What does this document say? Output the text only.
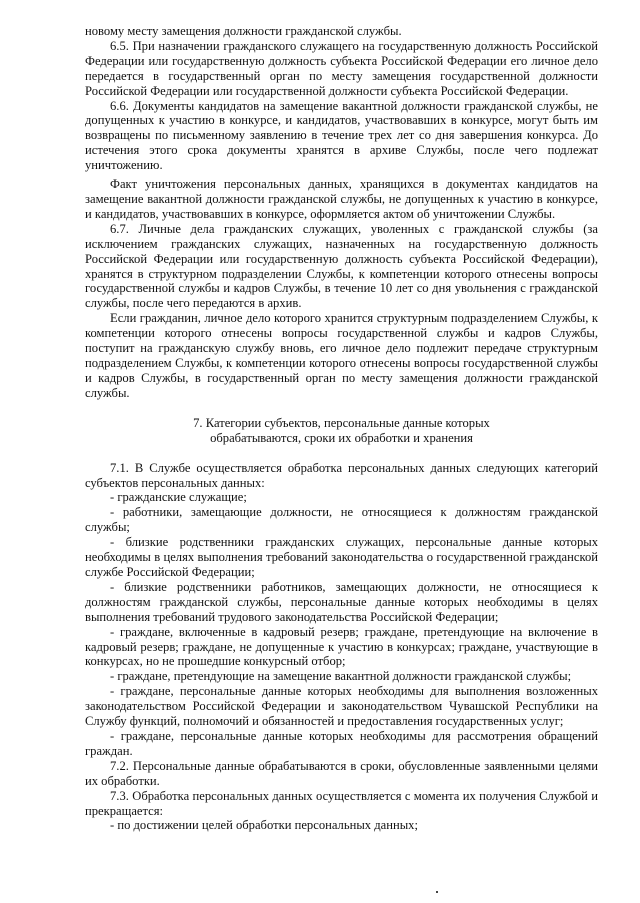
новому месту замещения должности гражданской службы.

6.5. При назначении гражданского служащего на государственную должность Российской Федерации или государственную должность субъекта Российской Федерации его личное дело передается в государственный орган по месту замещения государственной должности Российской Федерации или государственной должности субъекта Российской Федерации.

6.6. Документы кандидатов на замещение вакантной должности гражданской службы, не допущенных к участию в конкурсе, и кандидатов, участвовавших в конкурсе, могут быть им возвращены по письменному заявлению в течение трех лет со дня завершения конкурса. До истечения этого срока документы хранятся в архиве Службы, после чего подлежат уничтожению.

Факт уничтожения персональных данных, хранящихся в документах кандидатов на замещение вакантной должности гражданской службы, не допущенных к участию в конкурсе, и кандидатов, участвовавших в конкурсе, оформляется актом об уничтожении Службы.

6.7. Личные дела гражданских служащих, уволенных с гражданской службы (за исключением гражданских служащих, назначенных на государственную должность Российской Федерации или государственную должность субъекта Российской Федерации), хранятся в структурном подразделении Службы, к компетенции которого отнесены вопросы государственной службы и кадров Службы, в течение 10 лет со дня увольнения с гражданской службы, после чего передаются в архив.

Если гражданин, личное дело которого хранится структурным подразделением Службы, к компетенции которого отнесены вопросы государственной службы и кадров Службы, поступит на гражданскую службу вновь, его личное дело подлежит передаче структурным подразделением Службы, к компетенции которого отнесены вопросы государственной службы и кадров Службы, в государственный орган по месту замещения должности гражданской службы.

7. Категории субъектов, персональные данные которых
обрабатываются, сроки их обработки и хранения

7.1. В Службе осуществляется обработка персональных данных следующих категорий субъектов персональных данных:

- гражданские служащие;

- работники, замещающие должности, не относящиеся к должностям гражданской службы;

- близкие родственники гражданских служащих, персональные данные которых необходимы в целях выполнения требований законодательства о государственной гражданской службе Российской Федерации;

- близкие родственники работников, замещающих должности, не относящиеся к должностям гражданской службы, персональные данные которых необходимы в целях выполнения требований трудового законодательства Российской Федерации;

- граждане, включенные в кадровый резерв; граждане, претендующие на включение в кадровый резерв; граждане, не допущенные к участию в конкурсах; граждане, участвующие в конкурсах, но не прошедшие конкурсный отбор;

- граждане, претендующие на замещение вакантной должности гражданской службы;

- граждане, персональные данные которых необходимы для выполнения возложенных законодательством Российской Федерации и законодательством Чувашской Республики на Службу функций, полномочий и обязанностей и предоставления государственных услуг;

- граждане, персональные данные которых необходимы для рассмотрения обращений граждан.

7.2. Персональные данные обрабатываются в сроки, обусловленные заявленными целями их обработки.

7.3. Обработка персональных данных осуществляется с момента их получения Службой и прекращается:

- по достижении целей обработки персональных данных;
